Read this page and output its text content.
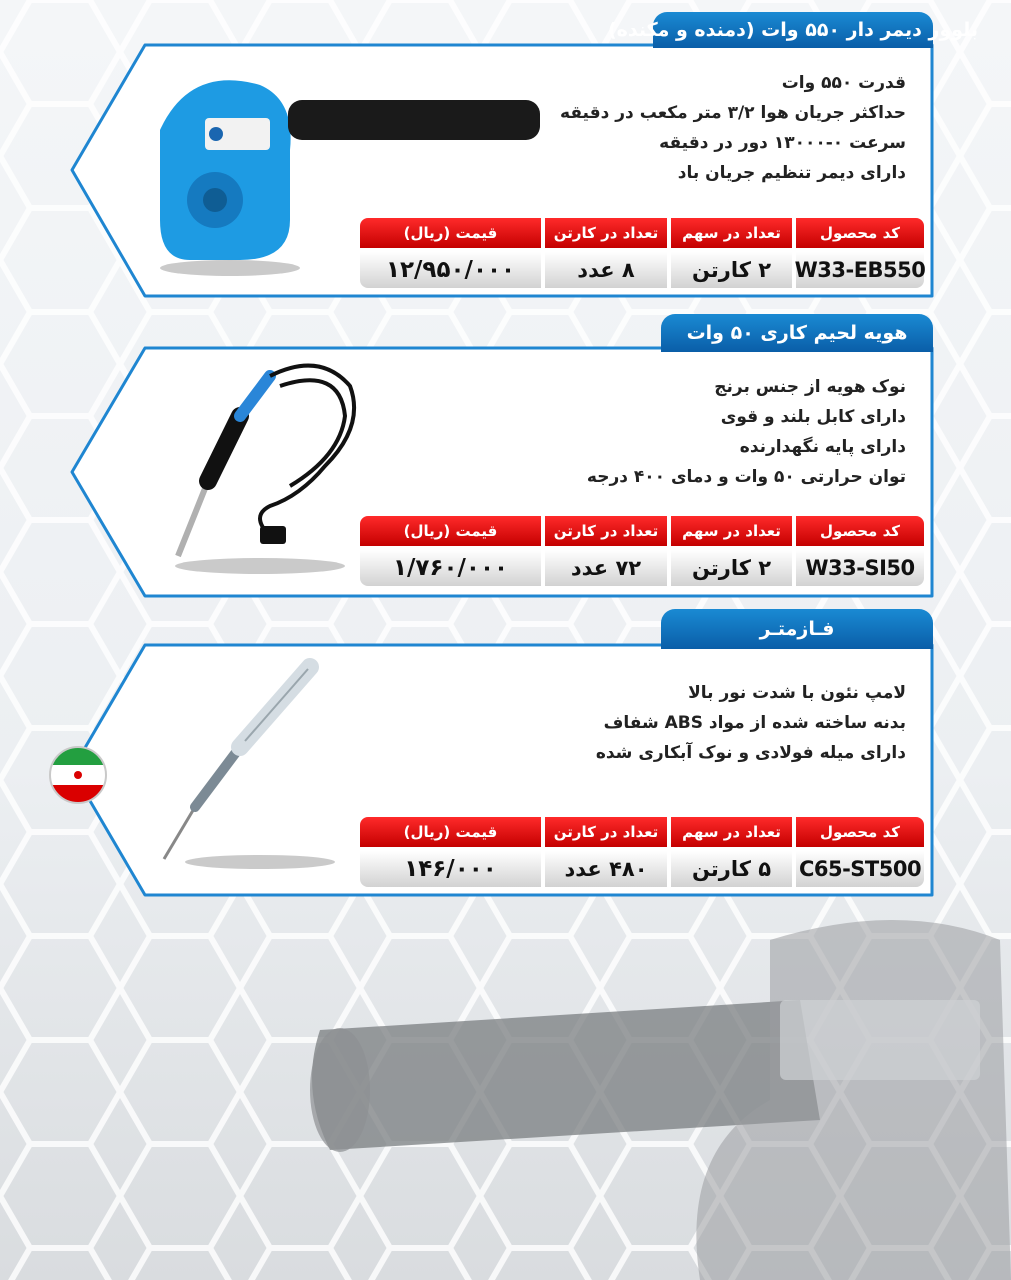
بلوور دیمر دار ۵۵۰ وات (دمنده و مکنده)
قدرت ۵۵۰ وات
حداکثر جریان هوا ۳/۲ متر مکعب در دقیقه
سرعت ۰-۱۳۰۰۰ دور در دقیقه
دارای دیمر تنظیم جریان باد
کد محصول
تعداد در سهم
تعداد در کارتن
قیمت (ریال)
W33-EB550
۲ کارتن
۸ عدد
۱۲/۹۵۰/۰۰۰
هویه لحیم کاری ۵۰ وات
نوک هویه از جنس برنج
دارای کابل بلند و قوی
دارای پایه نگهدارنده
توان حرارتی ۵۰ وات و دمای ۴۰۰ درجه
کد محصول
تعداد در سهم
تعداد در کارتن
قیمت (ریال)
W33-SI50
۲ کارتن
۷۲ عدد
۱/۷۶۰/۰۰۰
فـازمتـر
لامپ نئون با شدت نور بالا
بدنه ساخته شده از مواد ABS شفاف
دارای میله فولادی و نوک آبکاری شده
کد محصول
تعداد در سهم
تعداد در کارتن
قیمت (ریال)
C65-ST500
۵ کارتن
۴۸۰ عدد
۱۴۶/۰۰۰
